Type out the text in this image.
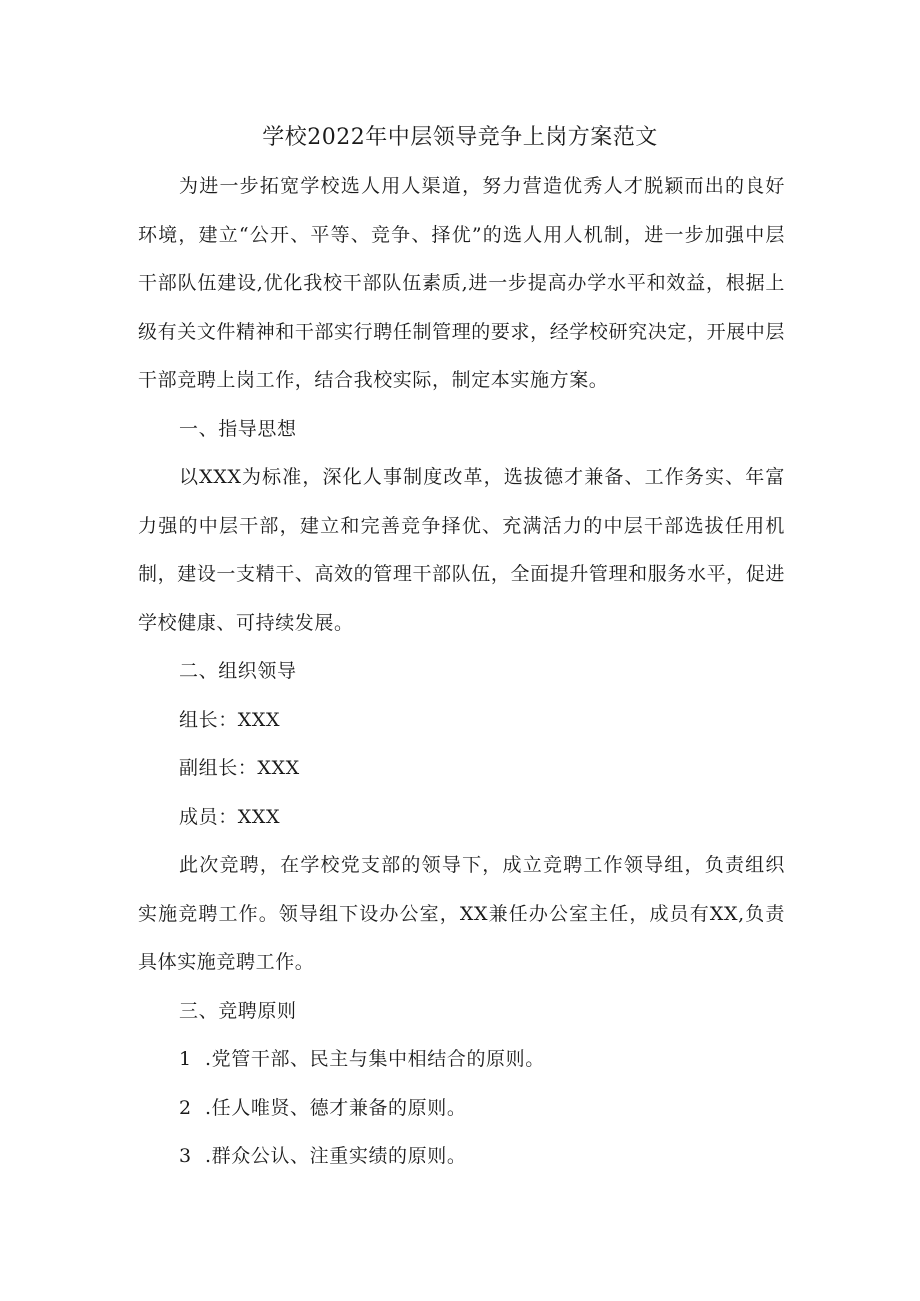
学校2022年中层领导竞争上岗方案范文

为进一步拓宽学校选人用人渠道，努力营造优秀人才脱颖而出的良好环境，建立“公开、平等、竞争、择优”的选人用人机制，进一步加强中层干部队伍建设,优化我校干部队伍素质,进一步提高办学水平和效益，根据上级有关文件精神和干部实行聘任制管理的要求，经学校研究决定，开展中层干部竞聘上岗工作，结合我校实际，制定本实施方案。

一、指导思想

以XXX为标准，深化人事制度改革，选拔德才兼备、工作务实、年富力强的中层干部，建立和完善竞争择优、充满活力的中层干部选拔任用机制，建设一支精干、高效的管理干部队伍，全面提升管理和服务水平，促进学校健康、可持续发展。

二、组织领导

组长：XXX

副组长：XXX

成员：XXX

此次竞聘，在学校党支部的领导下，成立竞聘工作领导组，负责组织实施竞聘工作。领导组下设办公室，XX兼任办公室主任，成员有XX,负责具体实施竞聘工作。

三、竞聘原则

1 .党管干部、民主与集中相结合的原则。

2 .任人唯贤、德才兼备的原则。

3 .群众公认、注重实绩的原则。
